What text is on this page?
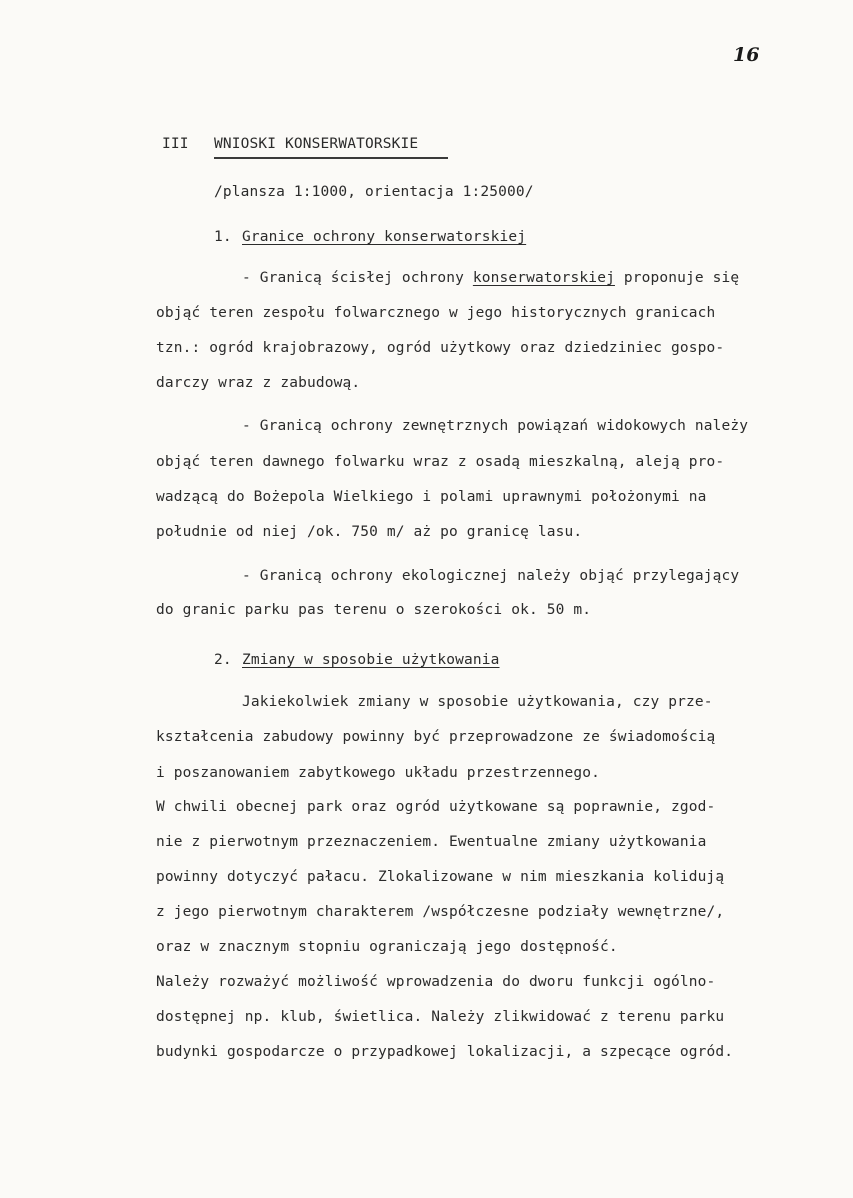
16
III WNIOSKI KONSERWATORSKIE
/plansza 1:1000, orientacja 1:25000/
1. Granice ochrony konserwatorskiej
- Granicą ścisłej ochrony konserwatorskiej proponuje się
objąć teren zespołu folwarcznego w jego historycznych granicach
tzn.: ogród krajobrazowy, ogród użytkowy oraz dziedziniec gospo-
darczy wraz z zabudową.
- Granicą ochrony zewnętrznych powiązań widokowych należy
objąć teren dawnego folwarku wraz z osadą mieszkalną, aleją pro-
wadzącą do Bożepola Wielkiego i polami uprawnymi położonymi na
południe od niej /ok. 750 m/ aż po granicę lasu.
- Granicą ochrony ekologicznej należy objąć przylegający
do granic parku pas terenu o szerokości ok. 50 m.
2. Zmiany w sposobie użytkowania
Jakiekolwiek zmiany w sposobie użytkowania, czy prze-
kształcenia zabudowy powinny być przeprowadzone ze świadomością
i poszanowaniem zabytkowego układu przestrzennego.
W chwili obecnej park oraz ogród użytkowane są poprawnie, zgod-
nie z pierwotnym przeznaczeniem. Ewentualne zmiany użytkowania
powinny dotyczyć pałacu. Zlokalizowane w nim mieszkania kolidują
z jego pierwotnym charakterem /współczesne podziały wewnętrzne/,
oraz w znacznym stopniu ograniczają jego dostępność.
Należy rozważyć możliwość wprowadzenia do dworu funkcji ogólno-
dostępnej np. klub, świetlica. Należy zlikwidować z terenu parku
budynki gospodarcze o przypadkowej lokalizacji, a szpecące ogród.
